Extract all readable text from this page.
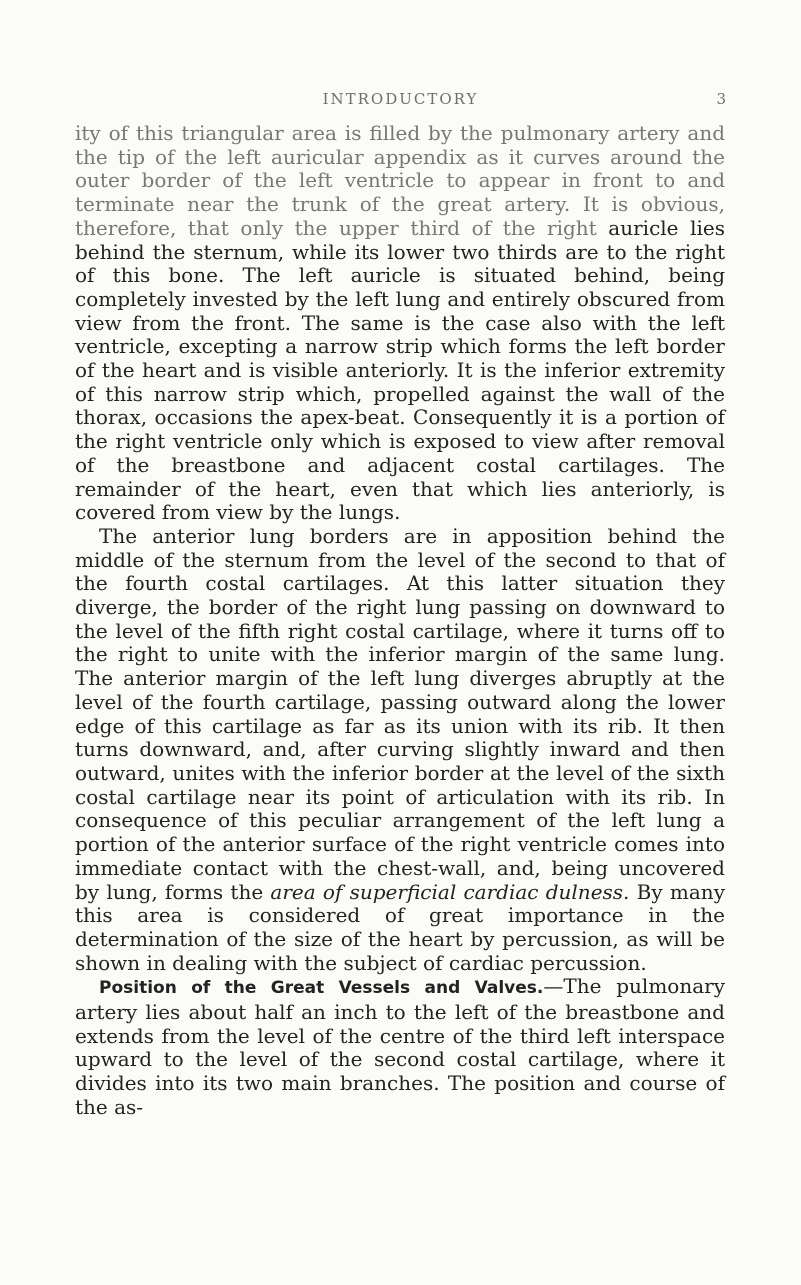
INTRODUCTORY	3

ity of this triangular area is filled by the pulmonary artery and the tip of the left auricular appendix as it curves around the outer border of the left ventricle to appear in front to and terminate near the trunk of the great artery. It is obvious, therefore, that only the upper third of the right auricle lies behind the sternum, while its lower two thirds are to the right of this bone. The left auricle is situated behind, being completely invested by the left lung and entirely obscured from view from the front. The same is the case also with the left ventricle, excepting a narrow strip which forms the left border of the heart and is visible anteriorly. It is the inferior extremity of this narrow strip which, propelled against the wall of the thorax, occasions the apex-beat. Consequently it is a portion of the right ventricle only which is exposed to view after removal of the breastbone and adjacent costal cartilages. The remainder of the heart, even that which lies anteriorly, is covered from view by the lungs.

The anterior lung borders are in apposition behind the middle of the sternum from the level of the second to that of the fourth costal cartilages. At this latter situation they diverge, the border of the right lung passing on downward to the level of the fifth right costal cartilage, where it turns off to the right to unite with the inferior margin of the same lung. The anterior margin of the left lung diverges abruptly at the level of the fourth cartilage, passing outward along the lower edge of this cartilage as far as its union with its rib. It then turns downward, and, after curving slightly inward and then outward, unites with the inferior border at the level of the sixth costal cartilage near its point of articulation with its rib. In consequence of this peculiar arrangement of the left lung a portion of the anterior surface of the right ventricle comes into immediate contact with the chest-wall, and, being uncovered by lung, forms the area of superficial cardiac dulness. By many this area is considered of great importance in the determination of the size of the heart by percussion, as will be shown in dealing with the subject of cardiac percussion.

Position of the Great Vessels and Valves.—The pulmonary artery lies about half an inch to the left of the breastbone and extends from the level of the centre of the third left interspace upward to the level of the second costal cartilage, where it divides into its two main branches. The position and course of the as-
